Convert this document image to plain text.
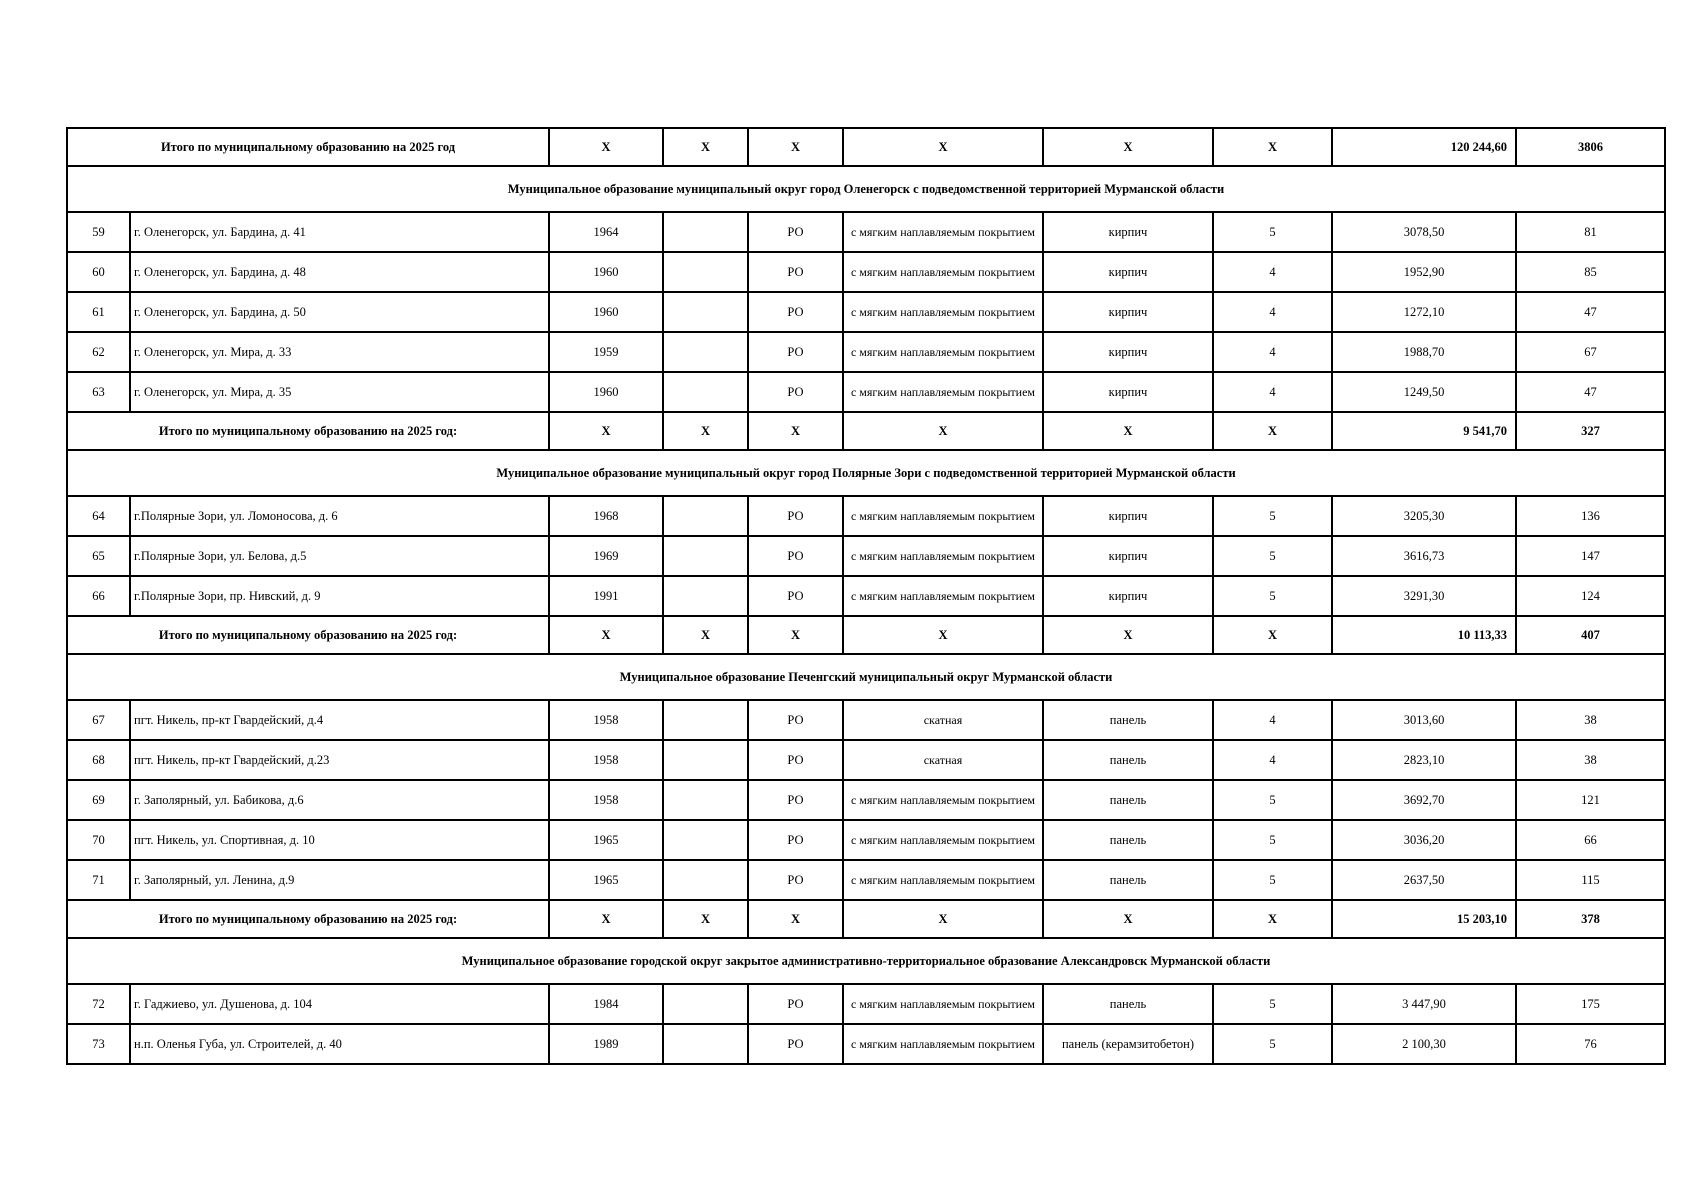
Итого по муниципальному образованию на 2025 год		Х	Х	Х	Х	Х	Х	120 244,60	3806
Муниципальное образование муниципальный округ город Оленегорск с подведомственной территорией Мурманской области									
59	г. Оленегорск, ул. Бардина, д. 41	1964		РО	с мягким наплавляемым покрытием	кирпич	5	3078,50	81
60	г. Оленегорск, ул. Бардина, д. 48	1960		РО	с мягким наплавляемым покрытием	кирпич	4	1952,90	85
61	г. Оленегорск, ул. Бардина, д. 50	1960		РО	с мягким наплавляемым покрытием	кирпич	4	1272,10	47
62	г. Оленегорск, ул. Мира, д. 33	1959		РО	с мягким наплавляемым покрытием	кирпич	4	1988,70	67
63	г. Оленегорск, ул. Мира, д. 35	1960		РО	с мягким наплавляемым покрытием	кирпич	4	1249,50	47
Итого по муниципальному образованию на 2025 год:		Х	Х	Х	Х	Х	Х	9 541,70	327
Муниципальное образование муниципальный округ город Полярные Зори с подведомственной территорией Мурманской области									
64	г.Полярные Зори, ул. Ломоносова, д. 6	1968		РО	с мягким наплавляемым покрытием	кирпич	5	3205,30	136
65	г.Полярные Зори, ул. Белова, д.5	1969		РО	с мягким наплавляемым покрытием	кирпич	5	3616,73	147
66	г.Полярные Зори, пр. Нивский, д. 9	1991		РО	с мягким наплавляемым покрытием	кирпич	5	3291,30	124
Итого по муниципальному образованию на 2025 год:		Х	Х	Х	Х	Х	Х	10 113,33	407
Муниципальное образование Печенгский муниципальный округ Мурманской области									
67	пгт. Никель, пр-кт Гвардейский, д.4	1958		РО	скатная	панель	4	3013,60	38
68	пгт. Никель, пр-кт Гвардейский, д.23	1958		РО	скатная	панель	4	2823,10	38
69	г. Заполярный, ул. Бабикова, д.6	1958		РО	с мягким наплавляемым покрытием	панель	5	3692,70	121
70	пгт. Никель, ул. Спортивная, д. 10	1965		РО	с мягким наплавляемым покрытием	панель	5	3036,20	66
71	г. Заполярный, ул. Ленина, д.9	1965		РО	с мягким наплавляемым покрытием	панель	5	2637,50	115
Итого по муниципальному образованию на 2025 год:		Х	Х	Х	Х	Х	Х	15 203,10	378
Муниципальное образование городской округ закрытое административно-территориальное образование Александровск Мурманской области									
72	г. Гаджиево, ул. Душенова, д. 104	1984		РО	с мягким наплавляемым покрытием	панель	5	3 447,90	175
73	н.п. Оленья Губа, ул. Строителей, д. 40	1989		РО	с мягким наплавляемым покрытием	панель (керамзитобетон)	5	2 100,30	76
